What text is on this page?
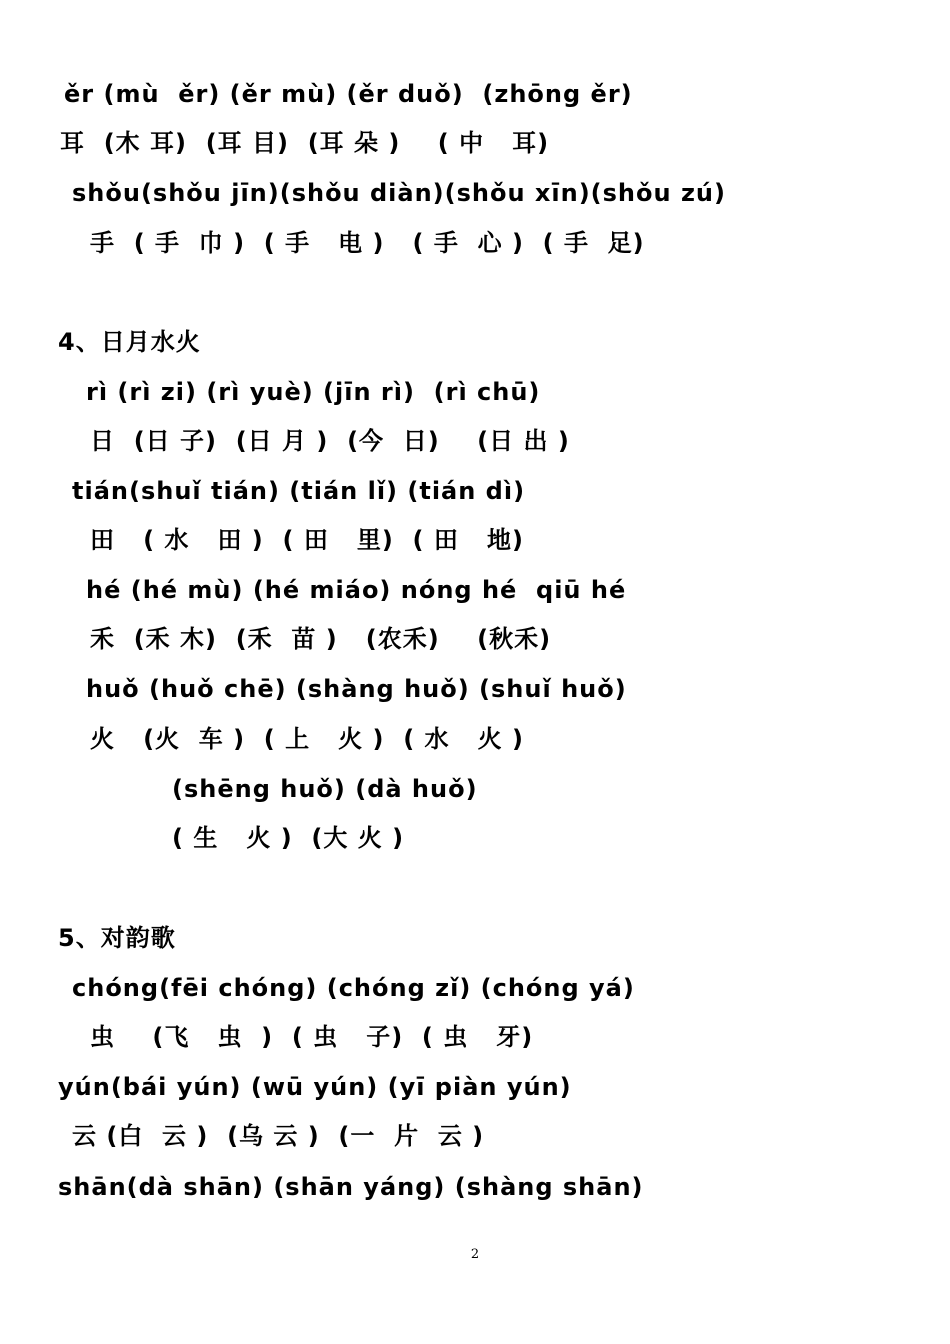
ěr (mù  ěr) (ěr mù) (ěr duǒ)  (zhōng ěr)
耳  (木 耳)  (耳 目)  (耳 朵 )    ( 中   耳)
shǒu(shǒu jīn)(shǒu diàn)(shǒu xīn)(shǒu zú)
手  ( 手  巾 )  ( 手   电 )   ( 手  心 )  ( 手  足)
4、日月水火
rì (rì zi) (rì yuè) (jīn rì)  (rì chū)
日  (日 子)  (日 月 )  (今  日)    (日 出 )
tián(shuǐ tián) (tián lǐ) (tián dì)
田   ( 水   田 )  ( 田   里)  ( 田   地)
hé (hé mù) (hé miáo) nóng hé  qiū hé
禾  (禾 木)  (禾  苗 )   (农禾)    (秋禾)
huǒ (huǒ chē) (shàng huǒ) (shuǐ huǒ)
火   (火  车 )  ( 上   火 )  ( 水   火 )
(shēng huǒ) (dà huǒ)
( 生   火 )  (大 火 )
5、对韵歌
chóng(fēi chóng) (chóng zǐ) (chóng yá)
虫    (飞   虫  )  ( 虫   子)  ( 虫   牙)
yún(bái yún) (wū yún) (yī piàn yún)
云 (白  云 )  (乌 云 )  (一  片  云 )
shān(dà shān) (shān yáng) (shàng shān)
2
